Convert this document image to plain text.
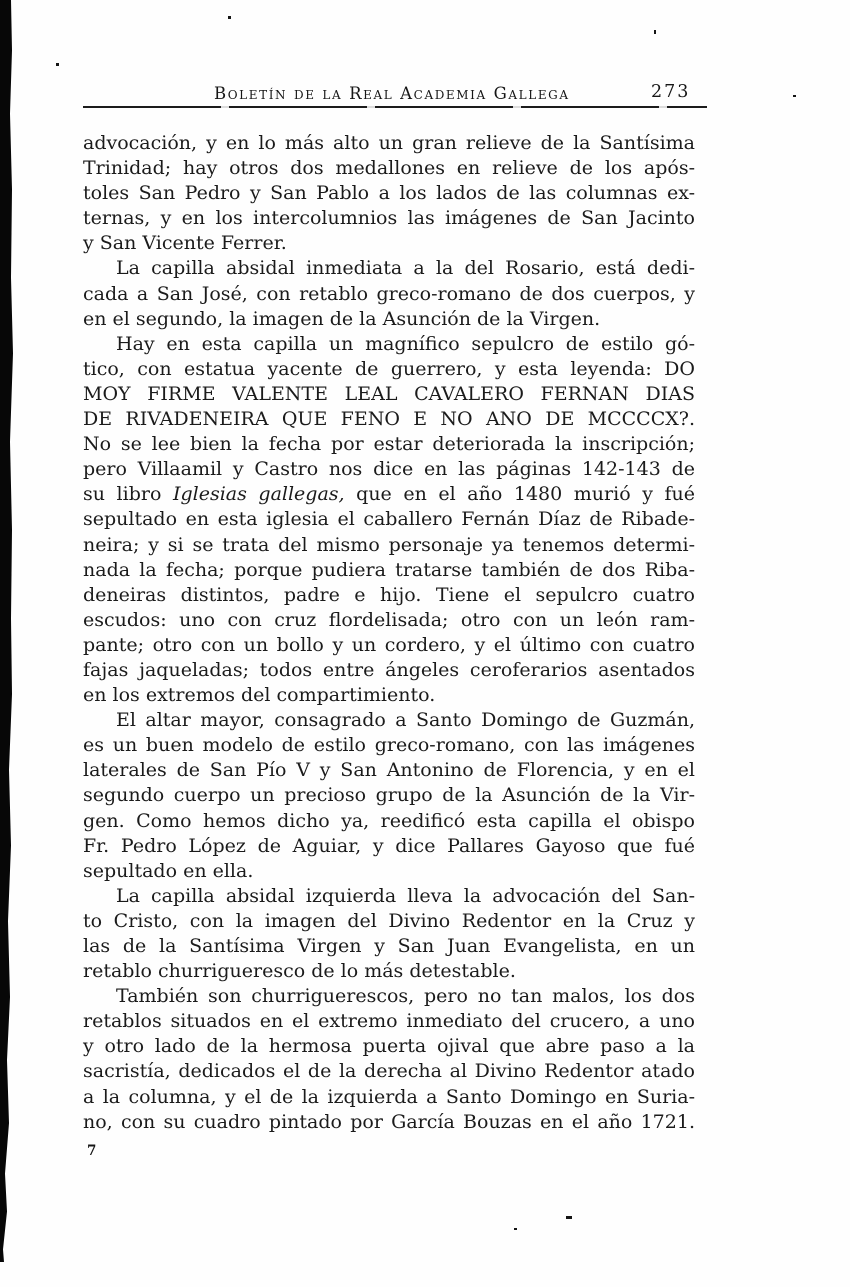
Boletín de la Real Academia Gallega	273
advocación, y en lo más alto un gran relieve de la Santísima
Trinidad; hay otros dos medallones en relieve de los após-
toles San Pedro y San Pablo a los lados de las columnas ex-
ternas, y en los intercolumnios las imágenes de San Jacinto
y San Vicente Ferrer.
La capilla absidal inmediata a la del Rosario, está dedi-
cada a San José, con retablo greco-romano de dos cuerpos, y
en el segundo, la imagen de la Asunción de la Virgen.
Hay en esta capilla un magnífico sepulcro de estilo gó-
tico, con estatua yacente de guerrero, y esta leyenda: DO
MOY FIRME VALENTE LEAL CAVALERO FERNAN DIAS
DE RIVADENEIRA QUE FENO E NO ANO DE MCCCCX?.
No se lee bien la fecha por estar deteriorada la inscripción;
pero Villaamil y Castro nos dice en las páginas 142-143 de
su libro Iglesias gallegas, que en el año 1480 murió y fué
sepultado en esta iglesia el caballero Fernán Díaz de Ribade-
neira; y si se trata del mismo personaje ya tenemos determi-
nada la fecha; porque pudiera tratarse también de dos Riba-
deneiras distintos, padre e hijo. Tiene el sepulcro cuatro
escudos: uno con cruz flordelisada; otro con un león ram-
pante; otro con un bollo y un cordero, y el último con cuatro
fajas jaqueladas; todos entre ángeles ceroferarios asentados
en los extremos del compartimiento.
El altar mayor, consagrado a Santo Domingo de Guzmán,
es un buen modelo de estilo greco-romano, con las imágenes
laterales de San Pío V y San Antonino de Florencia, y en el
segundo cuerpo un precioso grupo de la Asunción de la Vir-
gen. Como hemos dicho ya, reedificó esta capilla el obispo
Fr. Pedro López de Aguiar, y dice Pallares Gayoso que fué
sepultado en ella.
La capilla absidal izquierda lleva la advocación del San-
to Cristo, con la imagen del Divino Redentor en la Cruz y
las de la Santísima Virgen y San Juan Evangelista, en un
retablo churrigueresco de lo más detestable.
También son churriguerescos, pero no tan malos, los dos
retablos situados en el extremo inmediato del crucero, a uno
y otro lado de la hermosa puerta ojival que abre paso a la
sacristía, dedicados el de la derecha al Divino Redentor atado
a la columna, y el de la izquierda a Santo Domingo en Suria-
no, con su cuadro pintado por García Bouzas en el año 1721.
7
